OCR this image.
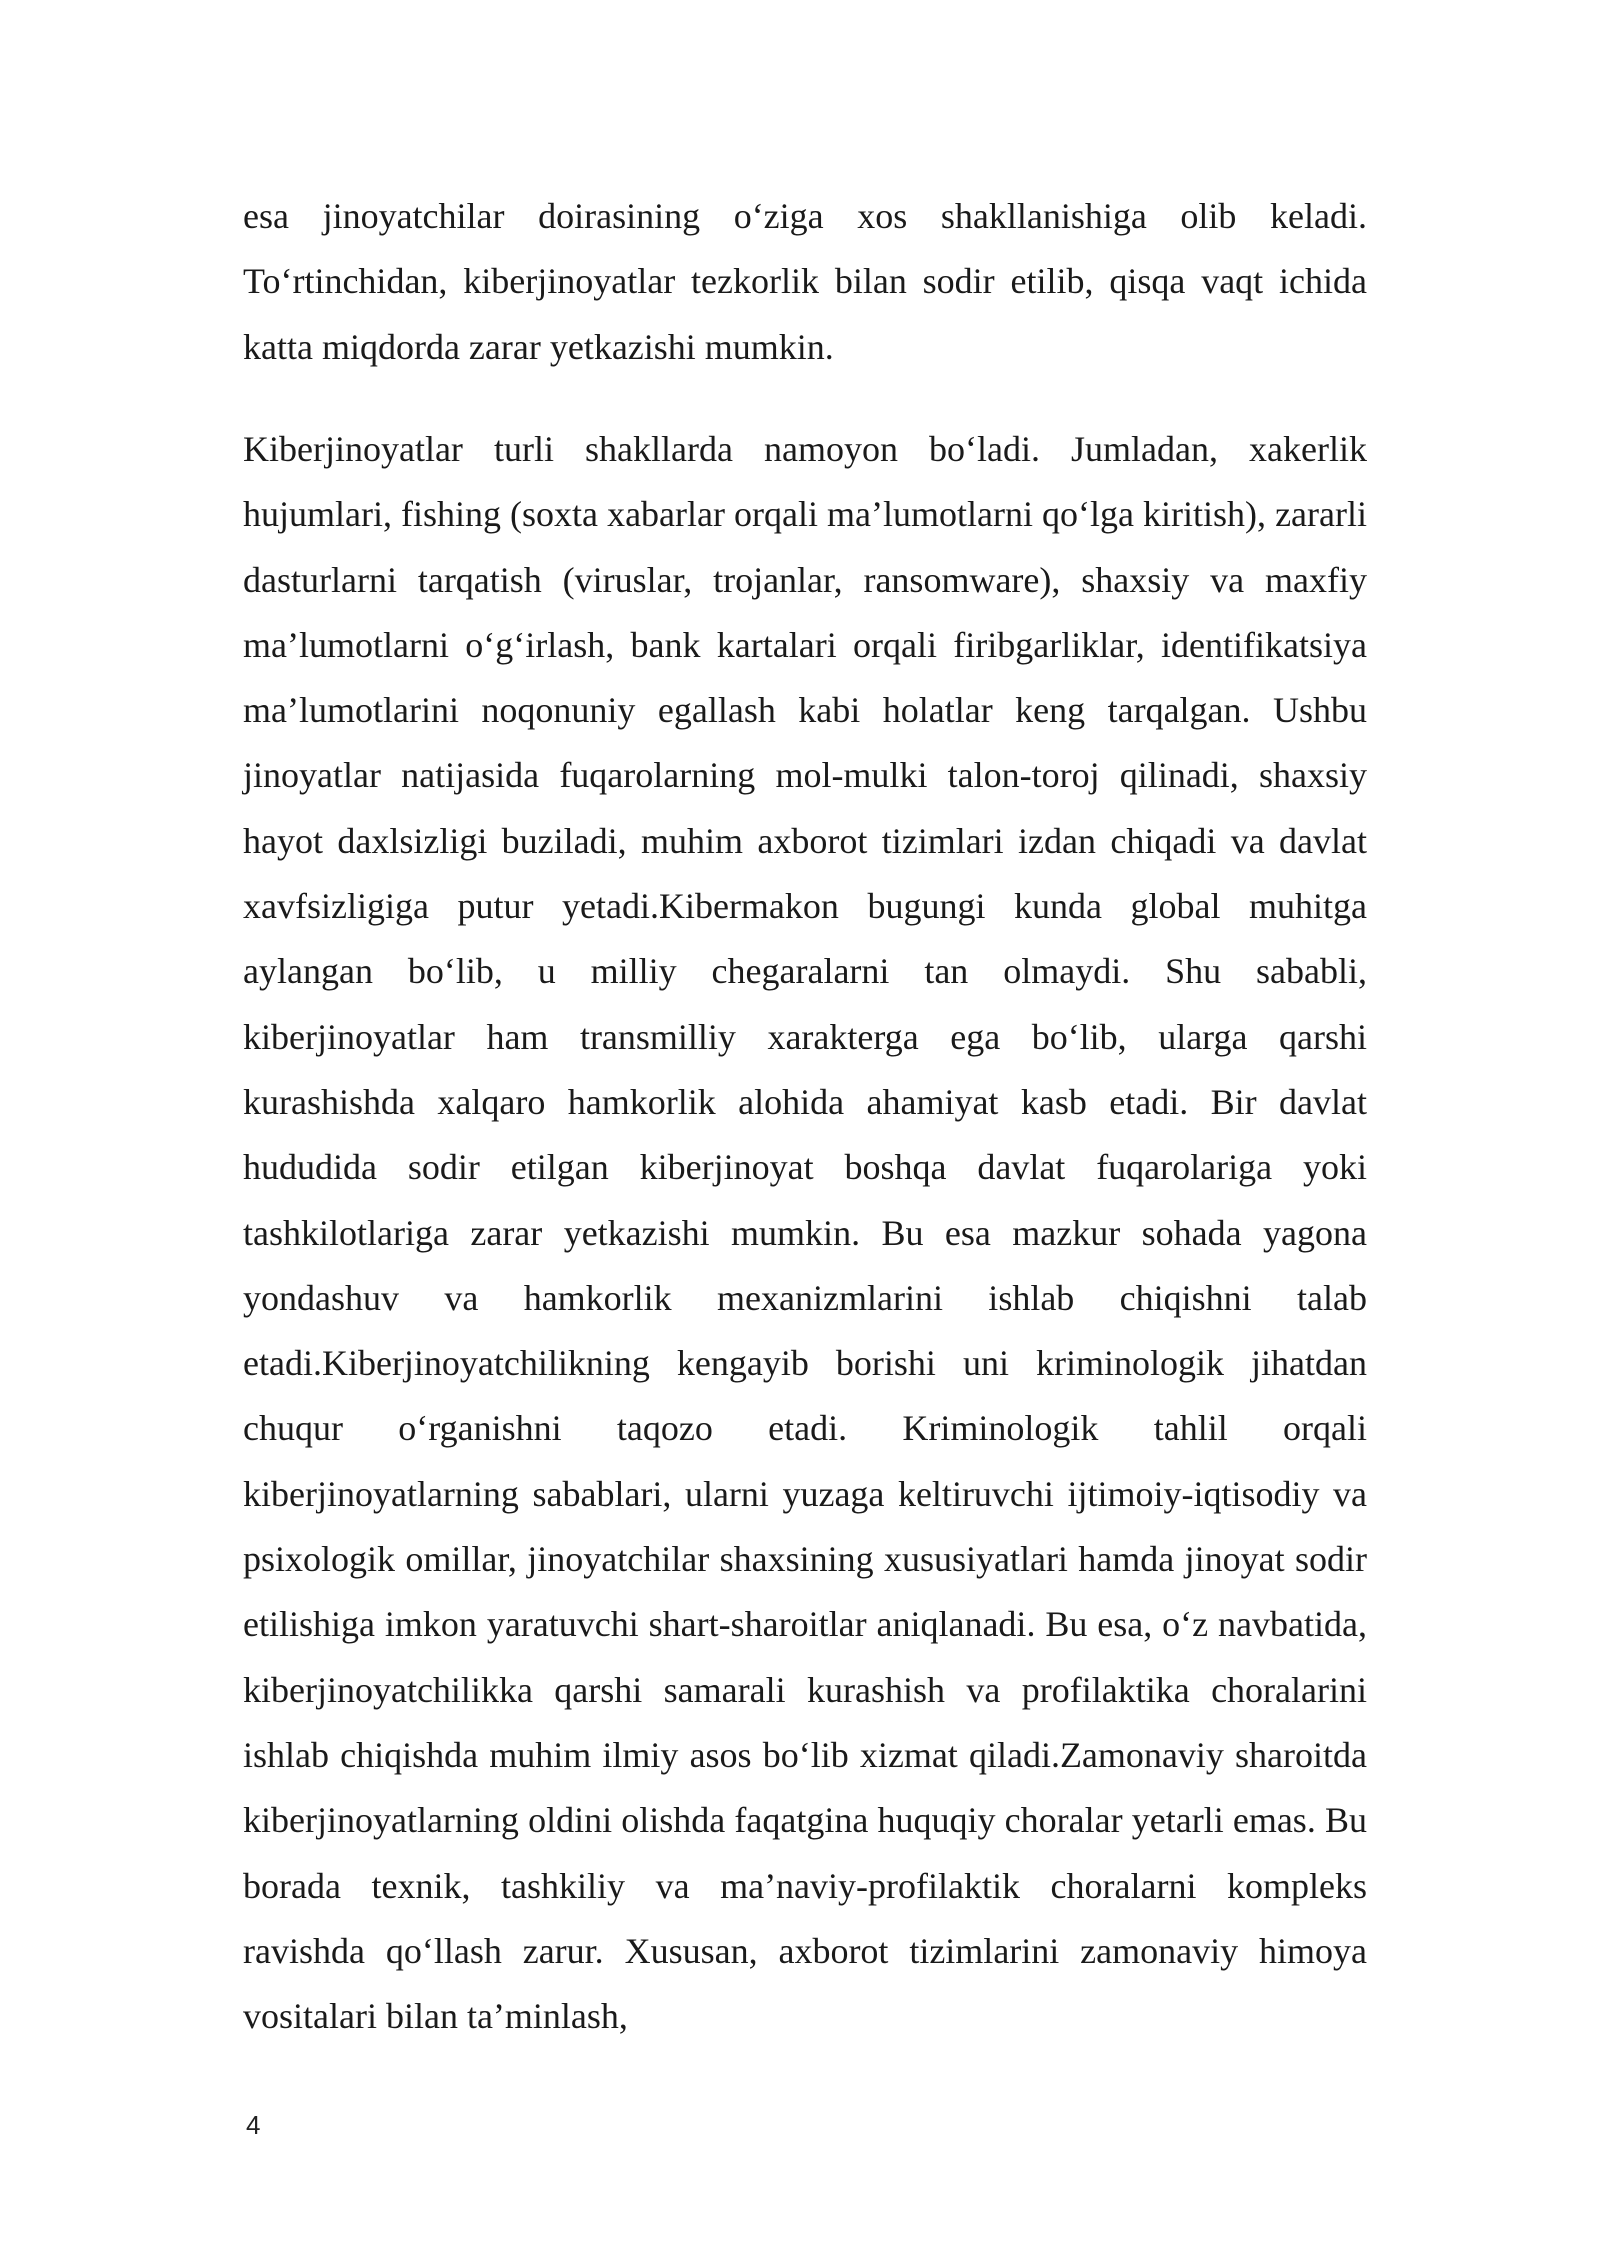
esa jinoyatchilar doirasining o‘ziga xos shakllanishiga olib keladi. To‘rtinchidan, kiberjinoyatlar tezkorlik bilan sodir etilib, qisqa vaqt ichida katta miqdorda zarar yetkazishi mumkin.

Kiberjinoyatlar turli shakllarda namoyon bo‘ladi. Jumladan, xakerlik hujumlari, fishing (soxta xabarlar orqali ma’lumotlarni qo‘lga kiritish), zararli dasturlarni tarqatish (viruslar, trojanlar, ransomware), shaxsiy va maxfiy ma’lumotlarni o‘g‘irlash, bank kartalari orqali firibgarliklar, identifikatsiya ma’lumotlarini noqonuniy egallash kabi holatlar keng tarqalgan. Ushbu jinoyatlar natijasida fuqarolarning mol-mulki talon-toroj qilinadi, shaxsiy hayot daxlsizligi buziladi, muhim axborot tizimlari izdan chiqadi va davlat xavfsizligiga putur yetadi.Kibermakon bugungi kunda global muhitga aylangan bo‘lib, u milliy chegaralarni tan olmaydi. Shu sababli, kiberjinoyatlar ham transmilliy xarakterga ega bo‘lib, ularga qarshi kurashishda xalqaro hamkorlik alohida ahamiyat kasb etadi. Bir davlat hududida sodir etilgan kiberjinoyat boshqa davlat fuqarolariga yoki tashkilotlariga zarar yetkazishi mumkin. Bu esa mazkur sohada yagona yondashuv va hamkorlik mexanizmlarini ishlab chiqishni talab etadi.Kiberjinoyatchilikning kengayib borishi uni kriminologik jihatdan chuqur o‘rganishni taqozo etadi. Kriminologik tahlil orqali kiberjinoyatlarning sabablari, ularni yuzaga keltiruvchi ijtimoiy-iqtisodiy va psixologik omillar, jinoyatchilar shaxsining xususiyatlari hamda jinoyat sodir etilishiga imkon yaratuvchi shart-sharoitlar aniqlanadi. Bu esa, o‘z navbatida, kiberjinoyatchilikka qarshi samarali kurashish va profilaktika choralarini ishlab chiqishda muhim ilmiy asos bo‘lib xizmat qiladi.Zamonaviy sharoitda kiberjinoyatlarning oldini olishda faqatgina huquqiy choralar yetarli emas. Bu borada texnik, tashkiliy va ma’naviy-profilaktik choralarni kompleks ravishda qo‘llash zarur. Xususan, axborot tizimlarini zamonaviy himoya vositalari bilan ta’minlash,

4
